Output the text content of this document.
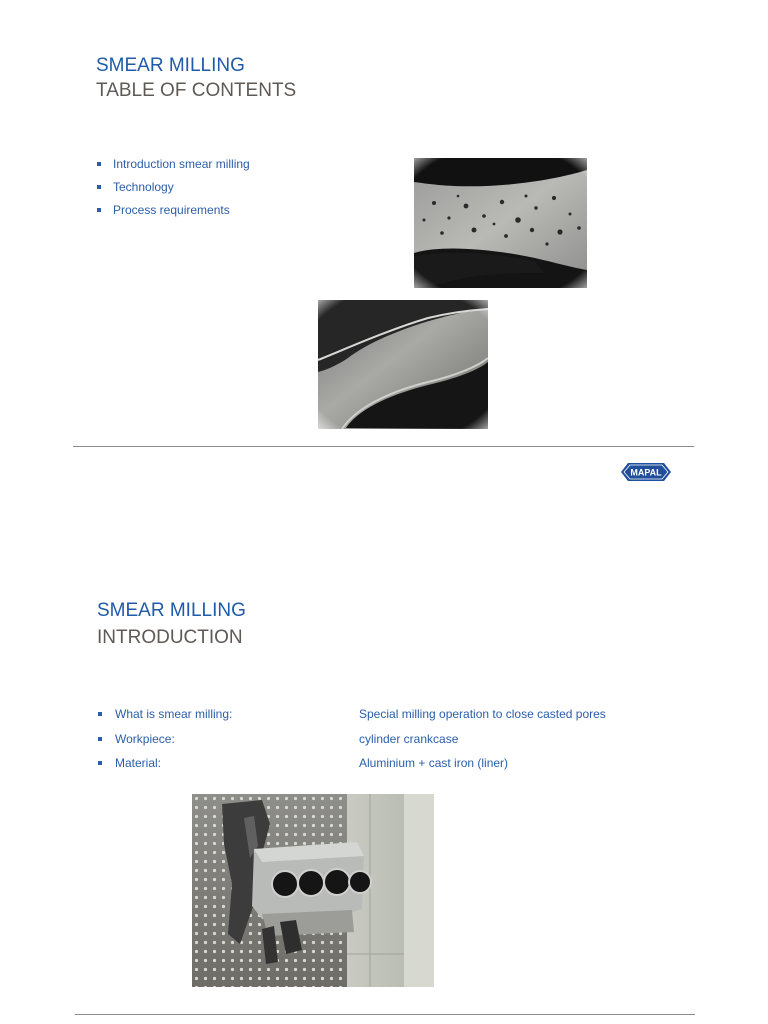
SMEAR MILLING
TABLE OF CONTENTS
Introduction smear milling
Technology
Process requirements
MAPAL
SMEAR MILLING
INTRODUCTION
What is smear milling:	Special milling operation to close casted pores
Workpiece:	cylinder crankcase
Material:	Aluminium + cast iron (liner)
